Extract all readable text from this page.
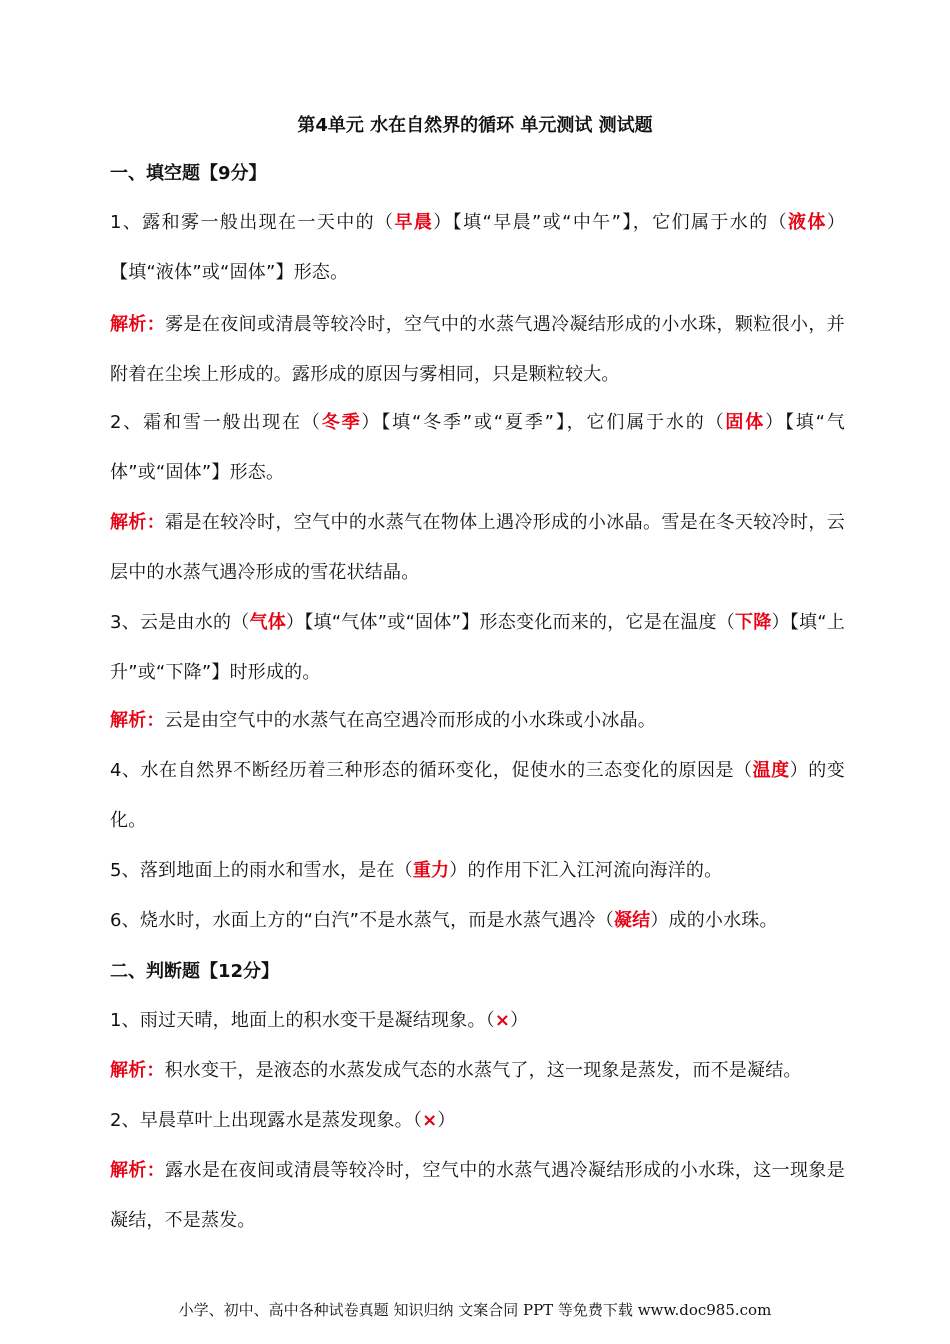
第4单元 水在自然界的循环 单元测试 测试题
一、填空题【9分】
1、露和雾一般出现在一天中的（早晨）【填“早晨”或“中午”】，它们属于水的（液体）【填“液体”或“固体”】形态。
解析：雾是在夜间或清晨等较冷时，空气中的水蒸气遇冷凝结形成的小水珠，颗粒很小，并附着在尘埃上形成的。露形成的原因与雾相同，只是颗粒较大。
2、霜和雪一般出现在（冬季）【填“冬季”或“夏季”】，它们属于水的（固体）【填“气体”或“固体”】形态。
解析：霜是在较冷时，空气中的水蒸气在物体上遇冷形成的小冰晶。雪是在冬天较冷时，云层中的水蒸气遇冷形成的雪花状结晶。
3、云是由水的（气体）【填“气体”或“固体”】形态变化而来的，它是在温度（下降）【填“上升”或“下降”】时形成的。
解析：云是由空气中的水蒸气在高空遇冷而形成的小水珠或小冰晶。
4、水在自然界不断经历着三种形态的循环变化，促使水的三态变化的原因是（温度）的变化。
5、落到地面上的雨水和雪水，是在（重力）的作用下汇入江河流向海洋的。
6、烧水时，水面上方的“白汽”不是水蒸气，而是水蒸气遇冷（凝结）成的小水珠。
二、判断题【12分】
1、雨过天晴，地面上的积水变干是凝结现象。（×）
解析：积水变干，是液态的水蒸发成气态的水蒸气了，这一现象是蒸发，而不是凝结。
2、早晨草叶上出现露水是蒸发现象。（×）
解析：露水是在夜间或清晨等较冷时，空气中的水蒸气遇冷凝结形成的小水珠，这一现象是凝结，不是蒸发。
小学、初中、高中各种试卷真题 知识归纳 文案合同 PPT 等免费下载 www.doc985.com
